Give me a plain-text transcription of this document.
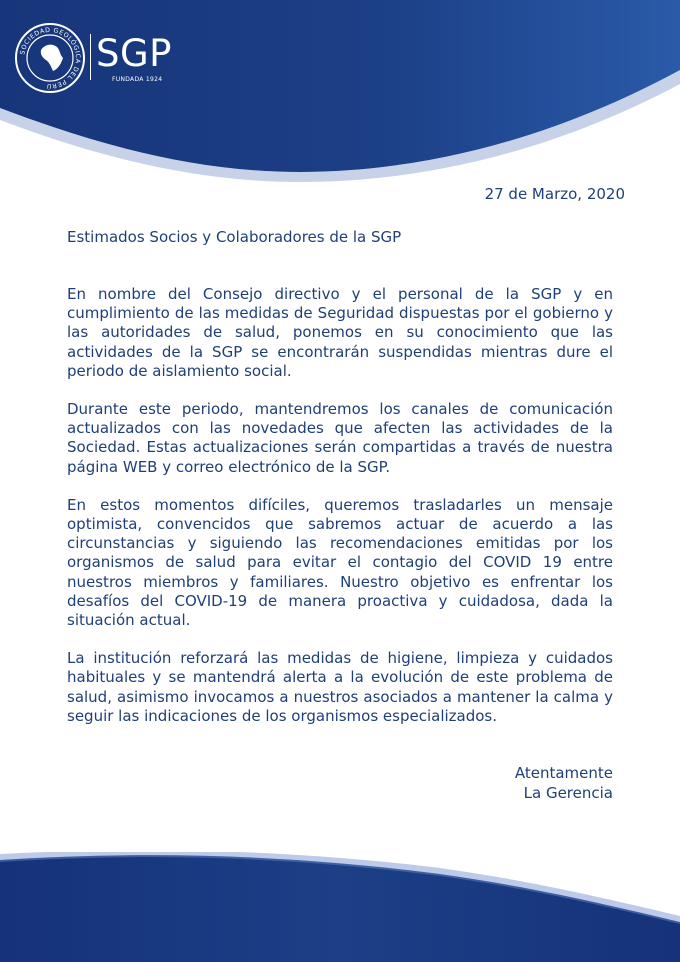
SOCIEDAD GEOLÓGICA DEL PERÚ
SGP
FUNDADA 1924
27 de Marzo, 2020
Estimados Socios y Colaboradores de la SGP

En nombre del Consejo directivo y el personal de la SGP y en cumplimiento de las medidas de Seguridad dispuestas por el gobierno y las autoridades de salud, ponemos en su conocimiento que las actividades de la SGP se encontrarán suspendidas mientras dure el periodo de aislamiento social.

Durante este periodo, mantendremos los canales de comunicación actualizados con las novedades que afecten las actividades de la Sociedad. Estas actualizaciones serán compartidas a través de nuestra página WEB y correo electrónico de la SGP.

En estos momentos difíciles, queremos trasladarles un mensaje optimista, convencidos que sabremos actuar de acuerdo a las circunstancias y siguiendo las recomendaciones emitidas por los organismos de salud para evitar el contagio del COVID 19 entre nuestros miembros y familiares. Nuestro objetivo es enfrentar los desafíos del COVID-19 de manera proactiva y cuidadosa, dada la situación actual.

La institución reforzará las medidas de higiene, limpieza y cuidados habituales y se mantendrá alerta a la evolución de este problema de salud, asimismo invocamos a nuestros asociados a mantener la calma y seguir las indicaciones de los organismos especializados.

Atentamente
La Gerencia
